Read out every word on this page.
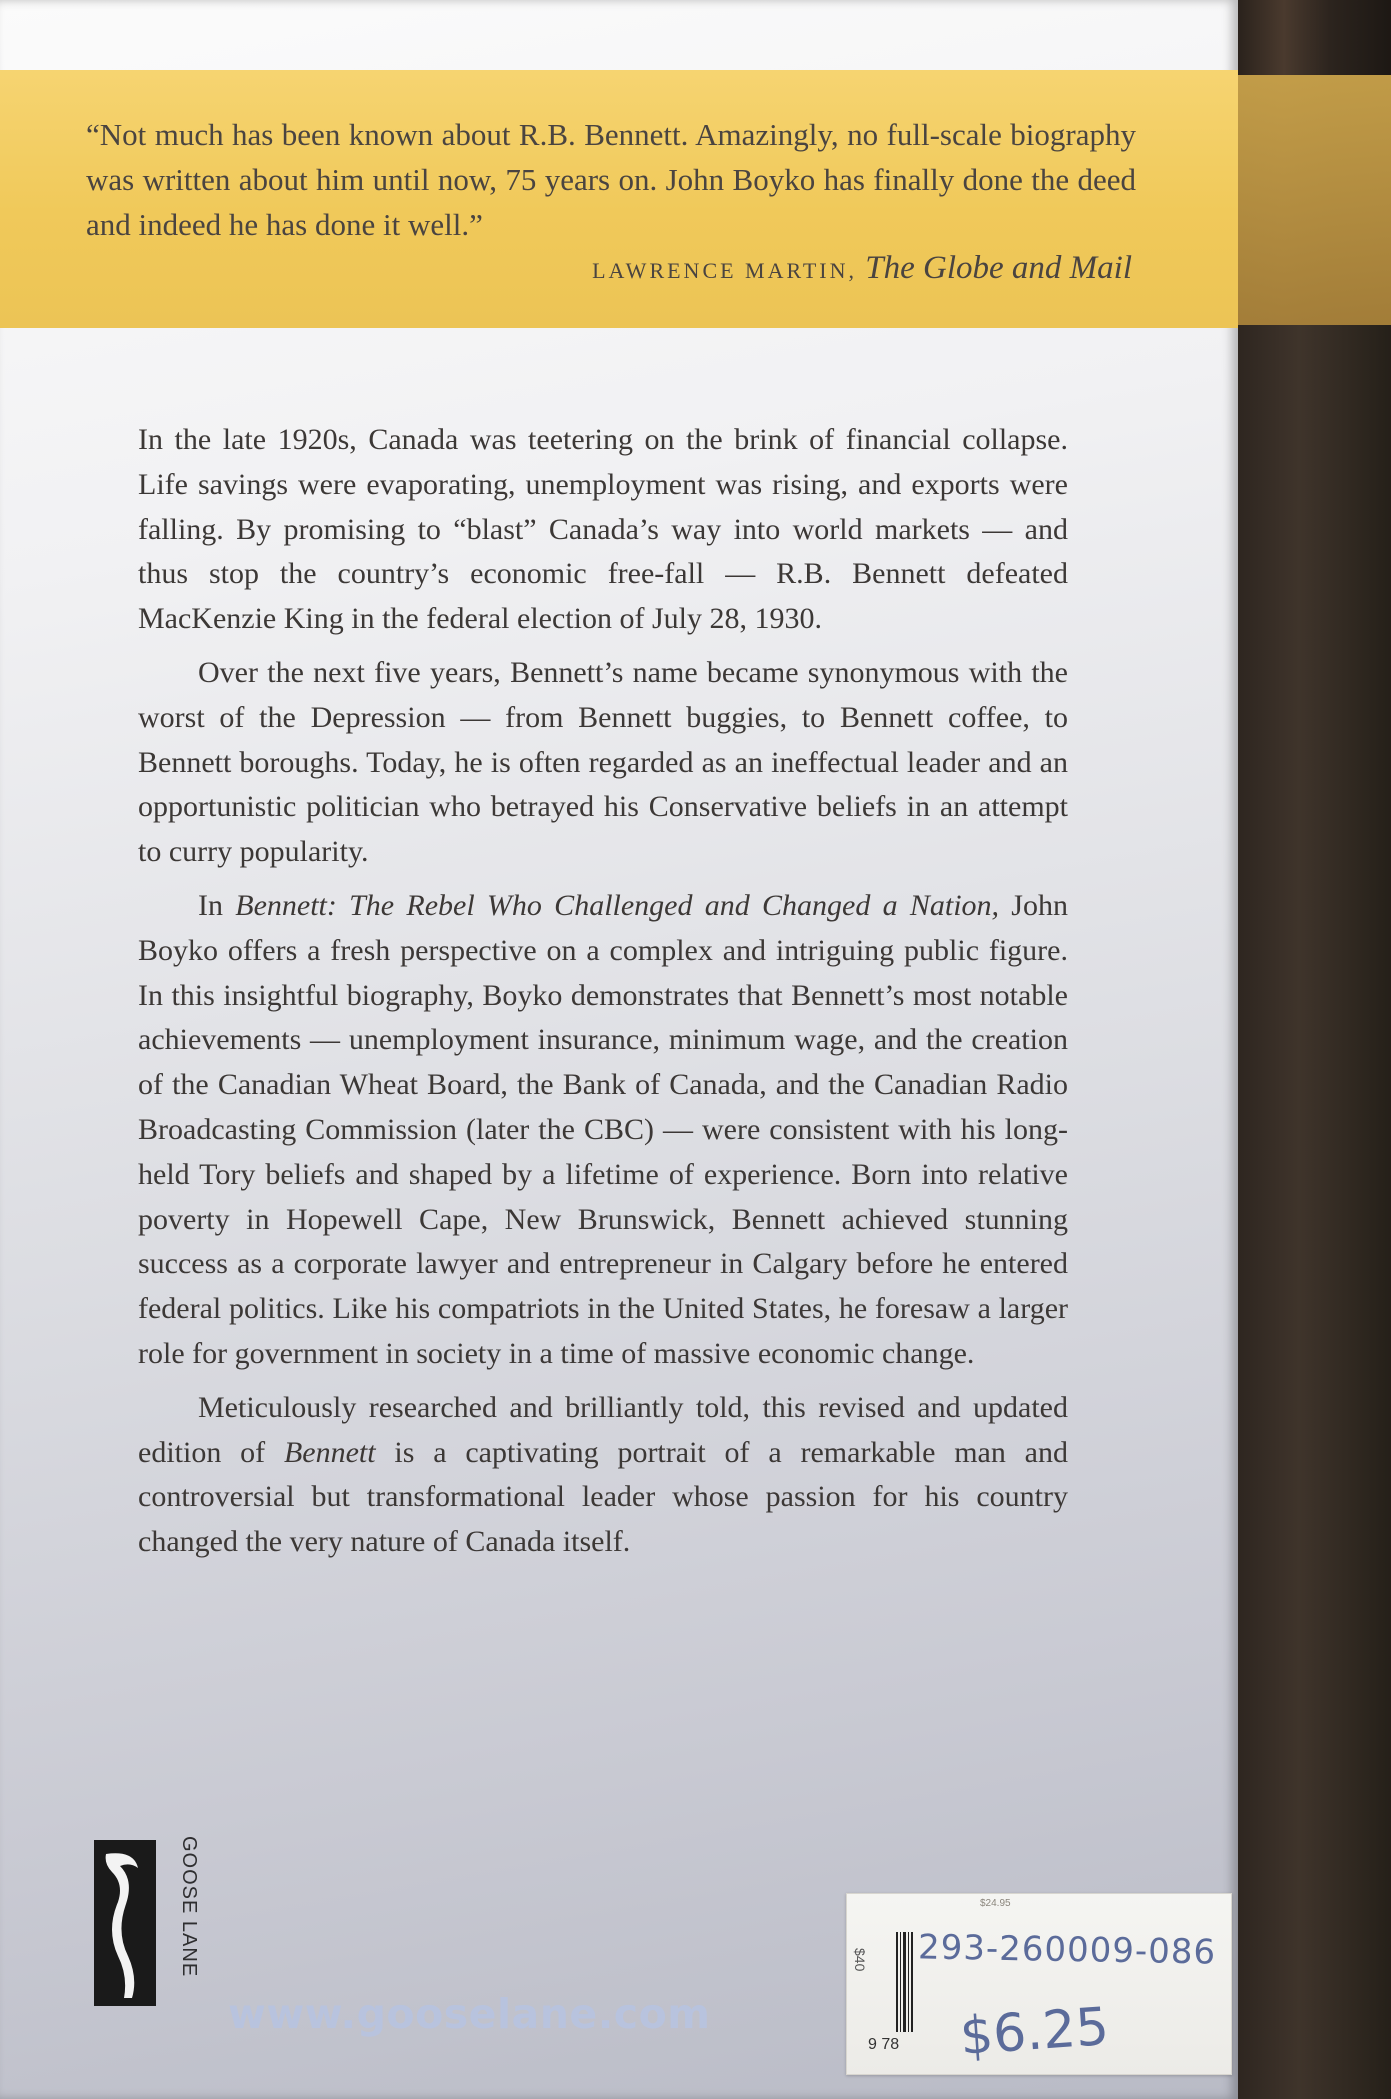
“Not much has been known about R.B. Bennett. Amazingly, no full-scale biography was written about him until now, 75 years on. John Boyko has finally done the deed and indeed he has done it well.”
LAWRENCE MARTIN, The Globe and Mail

In the late 1920s, Canada was teetering on the brink of financial collapse. Life savings were evaporating, unemployment was rising, and exports were falling. By promising to “blast” Canada’s way into world markets — and thus stop the country’s economic free-fall — R.B. Bennett defeated MacKenzie King in the federal election of July 28, 1930.

Over the next five years, Bennett’s name became synonymous with the worst of the Depression — from Bennett buggies, to Bennett coffee, to Bennett boroughs. Today, he is often regarded as an ineffectual leader and an opportunistic politician who betrayed his Conservative beliefs in an attempt to curry popularity.

In Bennett: The Rebel Who Challenged and Changed a Nation, John Boyko offers a fresh perspective on a complex and intriguing public figure. In this insightful biography, Boyko demonstrates that Bennett’s most notable achievements — unemployment insurance, minimum wage, and the creation of the Canadian Wheat Board, the Bank of Canada, and the Canadian Radio Broadcasting Commission (later the CBC) — were consistent with his long-held Tory beliefs and shaped by a lifetime of experience. Born into relative poverty in Hopewell Cape, New Brunswick, Bennett achieved stunning success as a corporate lawyer and entrepreneur in Calgary before he entered federal politics. Like his compatriots in the United States, he foresaw a larger role for government in society in a time of massive economic change.

Meticulously researched and brilliantly told, this revised and updated edition of Bennett is a captivating portrait of a remarkable man and controversial but transformational leader whose passion for his country changed the very nature of Canada itself.

GOOSE LANE
www.gooselane.com
$24.95
$40 293-260009-086
9 78 $6.25
